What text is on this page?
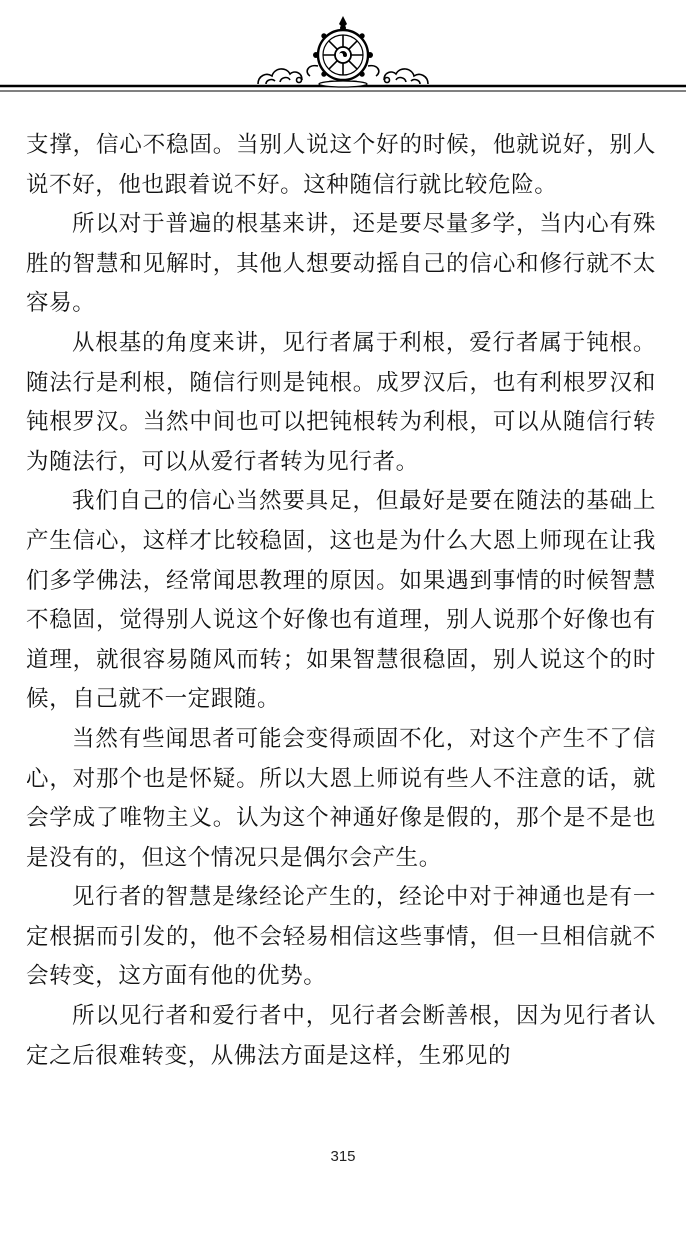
支撑，信心不稳固。当别人说这个好的时候，他就说好，别人说不好，他也跟着说不好。这种随信行就比较危险。

所以对于普遍的根基来讲，还是要尽量多学，当内心有殊胜的智慧和见解时，其他人想要动摇自己的信心和修行就不太容易。

从根基的角度来讲，见行者属于利根，爱行者属于钝根。随法行是利根，随信行则是钝根。成罗汉后，也有利根罗汉和钝根罗汉。当然中间也可以把钝根转为利根，可以从随信行转为随法行，可以从爱行者转为见行者。

我们自己的信心当然要具足，但最好是要在随法的基础上产生信心，这样才比较稳固，这也是为什么大恩上师现在让我们多学佛法，经常闻思教理的原因。如果遇到事情的时候智慧不稳固，觉得别人说这个好像也有道理，别人说那个好像也有道理，就很容易随风而转；如果智慧很稳固，别人说这个的时候，自己就不一定跟随。

当然有些闻思者可能会变得顽固不化，对这个产生不了信心，对那个也是怀疑。所以大恩上师说有些人不注意的话，就会学成了唯物主义。认为这个神通好像是假的，那个是不是也是没有的，但这个情况只是偶尔会产生。

见行者的智慧是缘经论产生的，经论中对于神通也是有一定根据而引发的，他不会轻易相信这些事情，但一旦相信就不会转变，这方面有他的优势。

所以见行者和爱行者中，见行者会断善根，因为见行者认定之后很难转变，从佛法方面是这样，生邪见的

315
